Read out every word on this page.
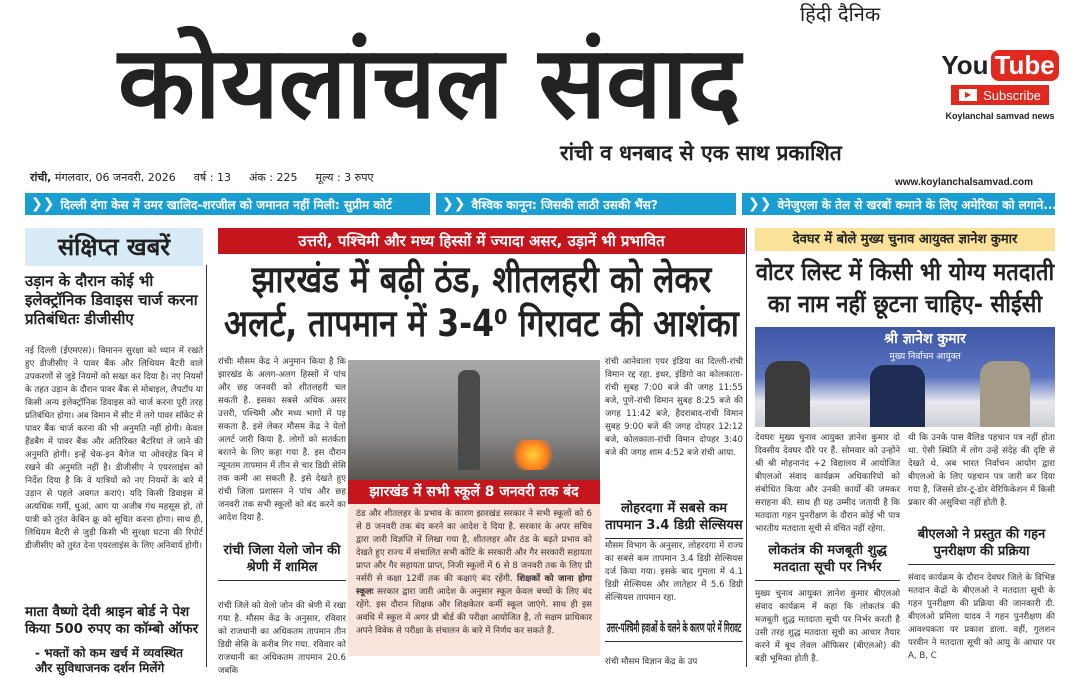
हिंदी दैनिक
कोयलांचल संवाद
रांची व धनबाद से एक साथ प्रकाशित
You Tube
▶ Subscribe
Koylanchal samvad news
रांची, मंगलवार, 06 जनवरी, 2026 वर्ष : 13 अंक : 225 मूल्य : 3 रुपए	www.koylanchalsamvad.com
❯❯ दिल्ली दंगा केस में उमर खालिद-शरजील को जमानत नहीं मिली: सुप्रीम कोर्ट	❯❯ वैश्विक कानून: जिसकी लाठी उसकी भैंस?	❯❯ वेनेजुएला के तेल से खरबों कमाने के लिए अमेरिका को लगाने...
संक्षिप्त खबरें
उड़ान के दौरान कोई भी इलेक्ट्रॉनिक डिवाइस चार्ज करना प्रतिबंधितः डीजीसीए
नई दिल्ली (ईएमएस)। विमानन सुरक्षा को ध्यान में रखते हुए डीजीसीए ने पावर बैंक और लिथियम बैटरी वाले उपकरणों से जुड़े नियमों को सख्त कर दिया है। नए नियमों के तहत उड़ान के दौरान पावर बैंक से मोबाइल, लैपटॉप या किसी अन्य इलेक्ट्रॉनिक डिवाइस को चार्ज करना पूरी तरह प्रतिबंधित होगा। अब विमान में सीट में लगे पावर सॉकेट से पावर बैंक चार्ज करना की भी अनुमति नहीं होगी। केवल हैंडबैग में पावर बैंक और अतिरिक्त बैटरियां ले जाने की अनुमति होगी। इन्हें चेक-इन बैगेज या ओवरहेड बिन में रखने की अनुमति नहीं है। डीजीसीए ने एयरलाइंस को निर्देश दिया है कि वे यात्रियों को नए नियमों के बारे में उड़ान से पहले अवगत कराएं। यदि किसी डिवाइस में अत्यधिक गर्मी, धुआं, आग या अजीब गंध महसूस हो, तो यात्री को तुरंत केबिन क्रू को सूचित करना होगा। साथ ही, लिथियम बैटरी से जुड़ी किसी भी सुरक्षा घटना की रिपोर्ट डीजीसीए को तुरंत देना एयरलाइंस के लिए अनिवार्य होगी।
माता वैष्णो देवी श्राइन बोर्ड ने पेश किया 500 रुपए का कॉम्बो ऑफर
- भक्तों को कम खर्च में व्यवस्थित और सुविधाजनक दर्शन मिलेंगे
उत्तरी, पश्चिमी और मध्य हिस्सों में ज्यादा असर, उड़ानें भी प्रभावित
झारखंड में बढ़ी ठंड, शीतलहरी को लेकर अलर्ट, तापमान में 3-4⁰ गिरावट की आशंका
रांचीः मौसम केंद्र ने अनुमान किया है कि झारखंड के अलग-अलग हिस्सों में पांच और छह जनवरी को शीतलहरी चल सकती है. इसका सबसे अधिक असर उत्तरी, पश्चिमी और मध्य भागों में पड़ सकता है. इसे लेकर मौसम केंद्र ने येलो अलर्ट जारी किया है. लोगों को सतर्कता बरतने के लिए कहा गया है. इस दौरान न्यूनतम तापमान में तीन से चार डिग्री सेसि तक कमी आ सकती है. इसे देखते हुए रांची जिला प्रशासन ने पांच और छह जनवरी तक सभी स्कूलों को बंद करने का आदेश दिया है.
रांची जिला येलो जोन की श्रेणी में शामिल
रांची जिले को येलो जोन की श्रेणी में रखा गया है. मौसम केंद्र के अनुसार, रविवार को राजधानी का अधिकतम तापमान तीन डिग्री सेसि के करीब गिर गया. रविवार को राजधानी का अधिकतम तापमान 20.6 जबकि
झारखंड में सभी स्कूलें 8 जनवरी तक बंद
ठंड और शीतलहर के प्रभाव के कारण झारखंड सरकार ने सभी स्कूलों को 6 से 8 जनवरी तक बंद करने का आदेश दे दिया है. सरकार के अपर सचिव द्वारा जारी विज्ञप्ति में लिखा गया है, शीतलहर और ठंड के बढ़ते प्रभाव को देखते हुए राज्य में संचालित सभी कोटि के सरकारी और गैर सरकारी सहायता प्राप्त और गैर सहायता प्राप्त, निजी स्कूलों में 6 से 8 जनवरी तक के लिए प्री नर्सरी से कक्षा 12वीं तक की कक्षाएं बंद रहेंगी. शिक्षकों को जाना होगा स्कूलः सरकार द्वारा जारी आदेश के अनुसार स्कूल केवल बच्चों के लिए बंद रहेंगे. इस दौरान शिक्षक और शिक्षकेतर कर्मी स्कूल जाएंगे. साथ ही इस अवधि में स्कूल में अगर प्री बोर्ड की परीक्षा आयोजित है, तो सक्षम प्राधिकार अपने विवेक से परीक्षा के संचालन के बारे में निर्णय कर सकते हैं.
रांची आनेवाला एयर इंडिया का दिल्ली-रांची विमान रद्द रहा. इधर, इंडिगो का कोलकाता-रांची सुबह 7:00 बजे की जगह 11:55 बजे, पुणे-रांची विमान सुबह 8:25 बजे की जगह 11:42 बजे, हैदराबाद-रांची विमान सुबह 9:00 बजे की जगह दोपहर 12:12 बजे, कोलकाता-रांची विमान दोपहर 3:40 बजे की जगह शाम 4:52 बजे रांची आया.
लोहरदगा में सबसे कम तापमान 3.4 डिग्री सेल्सियस
मौसम विभाग के अनुसार, लोहरदगा में राज्य का सबसे कम तापमान 3.4 डिग्री सेल्सियस दर्ज किया गया। इसके बाद गुमला में 4.1 डिग्री सेल्सियस और लातेहार में 5.6 डिग्री सेल्सियस तापमान रहा.
उत्तर-पश्चिमी हवाओं के चलने के कारण पारे में गिरावट
रांची मौसम विज्ञान केंद्र के उप
देवघर में बोले मुख्य चुनाव आयुक्त ज्ञानेश कुमार
वोटर लिस्ट में किसी भी योग्य मतदाती का नाम नहीं छूटना चाहिए- सीईसी
श्री ज्ञानेश कुमार
मुख्य निर्वाचन आयुक्त
देवघरः मुख्य चुनाव आयुक्त ज्ञानेश कुमार दो दिवसीय देवघर दौरे पर हैं. सोमवार को उन्होंने श्री श्री मोहनानंद +2 विद्यालय में आयोजित बीएलओ संवाद कार्यक्रम अधिकारियों को संबोधित किया और उनकी कार्यों की जमकर सराहना की. साथ ही यह उम्मीद जतायी है कि मतदाता गहन पुनरीक्षण के दौरान कोई भी पात्र भारतीय मतदाता सूची से वंचित नहीं रहेगा.
लोकतंत्र की मजबूती शुद्ध मतदाता सूची पर निर्भर
मुख्य चुनाव आयुक्त ज्ञानेश कुमार बीएलओ संवाद कार्यक्रम में कहा कि लोकतंत्र की मजबूती शुद्ध मतदाता सूची पर निर्भर करती है उसी तरह शुद्ध मतदाता सूची का आधार तैयार करने में बूथ लेवल ऑफिसर (बीएलओ) की बड़ी भूमिका होती है.
थी कि उनके पास वैलिड पहचान पत्र नहीं होता था. ऐसी स्थिति में लोग उन्हें संदेह की दृष्टि से देखते थे. अब भारत निर्वाचन आयोग द्वारा बीएलओ के लिए पहचान पत्र जारी कर दिया गया है, जिससे डोर-टू-डोर वेरिफिकेशन में किसी प्रकार की असुविधा नहीं होती है.
बीएलओ ने प्रस्तुत की गहन पुनरीक्षण की प्रक्रिया
संवाद कार्यक्रम के दौरान देवघर जिले के विभिन्न मतदान केंद्रों के बीएलओ ने मतदाता सूची के गहन पुनरीक्षण की प्रक्रिया की जानकारी दी. बीएलओ प्रमिला यादव ने गहन पुनरीक्षण की आवश्यकता पर प्रकाश डाला. वहीं, गुलशन परवीन ने मतदाता सूची को आयु के आधार पर A, B, C
